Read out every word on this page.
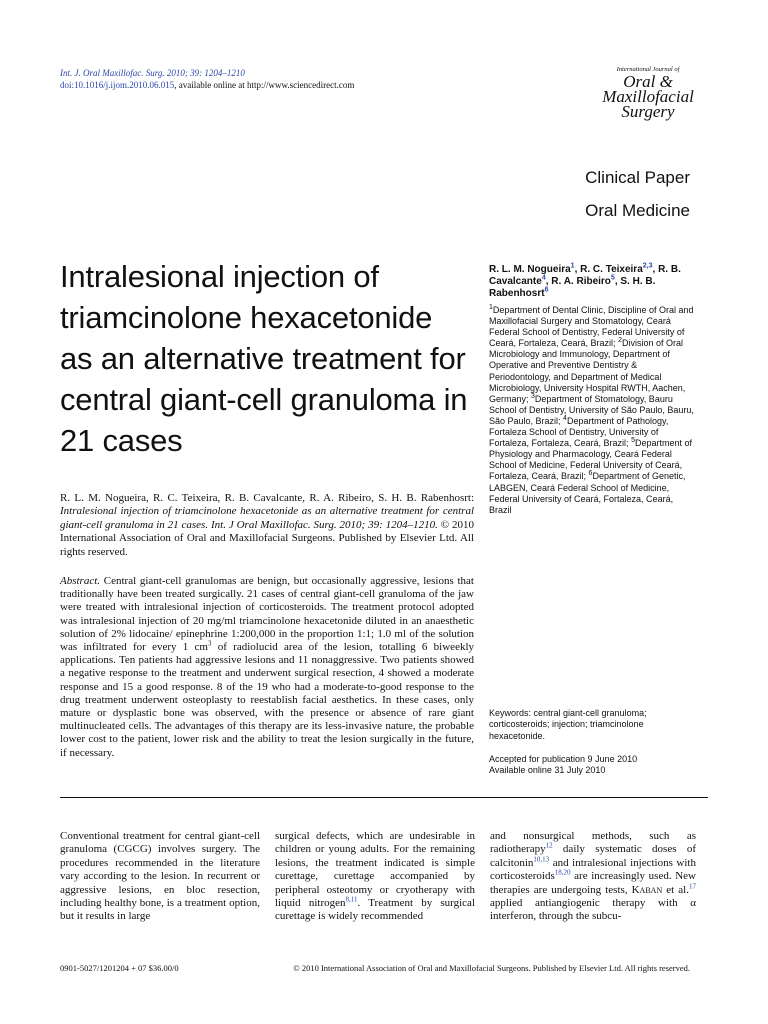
Int. J. Oral Maxillofac. Surg. 2010; 39: 1204–1210
doi:10.1016/j.ijom.2010.06.015, available online at http://www.sciencedirect.com
International Journal of
Oral &
Maxillofacial
Surgery
Clinical Paper
Oral Medicine
Intralesional injection of triamcinolone hexacetonide as an alternative treatment for central giant-cell granuloma in 21 cases
R. L. M. Nogueira, R. C. Teixeira, R. B. Cavalcante, R. A. Ribeiro, S. H. B. Rabenhosrt: Intralesional injection of triamcinolone hexacetonide as an alternative treatment for central giant-cell granuloma in 21 cases. Int. J Oral Maxillofac. Surg. 2010; 39: 1204–1210. © 2010 International Association of Oral and Maxillofacial Surgeons. Published by Elsevier Ltd. All rights reserved.
Abstract. Central giant-cell granulomas are benign, but occasionally aggressive, lesions that traditionally have been treated surgically. 21 cases of central giant-cell granuloma of the jaw were treated with intralesional injection of corticosteroids. The treatment protocol adopted was intralesional injection of 20 mg/ml triamcinolone hexacetonide diluted in an anaesthetic solution of 2% lidocaine/ epinephrine 1:200,000 in the proportion 1:1; 1.0 ml of the solution was infiltrated for every 1 $cm^3$ of radiolucid area of the lesion, totalling 6 biweekly applications. Ten patients had aggressive lesions and 11 nonaggressive. Two patients showed a negative response to the treatment and underwent surgical resection, 4 showed a moderate response and 15 a good response. 8 of the 19 who had a moderate-to-good response to the drug treatment underwent osteoplasty to reestablish facial aesthetics. In these cases, only mature or dysplastic bone was observed, with the presence or absence of rare giant multinucleated cells. The advantages of this therapy are its less-invasive nature, the probable lower cost to the patient, lower risk and the ability to treat the lesion surgically in the future, if necessary.
R. L. M. Nogueira$^1$, R. C. Teixeira$^{2,3}$, R. B. Cavalcante$^4$, R. A. Ribeiro$^5$, S. H. B. Rabenhosrt$^6$
$^1$Department of Dental Clinic, Discipline of Oral and Maxillofacial Surgery and Stomatology, Ceará Federal School of Dentistry, Federal University of Ceará, Fortaleza, Ceará, Brazil; $^2$Division of Oral Microbiology and Immunology, Department of Operative and Preventive Dentistry & Periodontology, and Department of Medical Microbiology, University Hospital RWTH, Aachen, Germany; $^3$Department of Stomatology, Bauru School of Dentistry, University of São Paulo, Bauru, São Paulo, Brazil; $^4$Department of Pathology, Fortaleza School of Dentistry, University of Fortaleza, Fortaleza, Ceará, Brazil; $^5$Department of Physiology and Pharmacology, Ceará Federal School of Medicine, Federal University of Ceará, Fortaleza, Ceará, Brazil; $^6$Department of Genetic, LABGEN, Ceará Federal School of Medicine, Federal University of Ceará, Fortaleza, Ceará, Brazil
Keywords: central giant-cell granuloma; corticosteroids; injection; triamcinolone hexacetonide.
Accepted for publication 9 June 2010
Available online 31 July 2010
Conventional treatment for central giant-cell granuloma (CGCG) involves surgery. The procedures recommended in the literature vary according to the lesion. In recurrent or aggressive lesions, en bloc resection, including healthy bone, is a treatment option, but it results in large
surgical defects, which are undesirable in children or young adults. For the remaining lesions, the treatment indicated is simple curettage, curettage accompanied by peripheral osteotomy or cryotherapy with liquid nitrogen$^{8,11}$. Treatment by surgical curettage is widely recommended
and nonsurgical methods, such as radiotherapy$^{12}$ daily systematic doses of calcitonin$^{10,13}$ and intralesional injections with corticosteroids$^{18,20}$ are increasingly used. New therapies are undergoing tests, Kaban et al.$^{17}$ applied antiangiogenic therapy with α interferon, through the subcu-
0901-5027/1201204 + 07 $36.00/0	© 2010 International Association of Oral and Maxillofacial Surgeons. Published by Elsevier Ltd. All rights reserved.
